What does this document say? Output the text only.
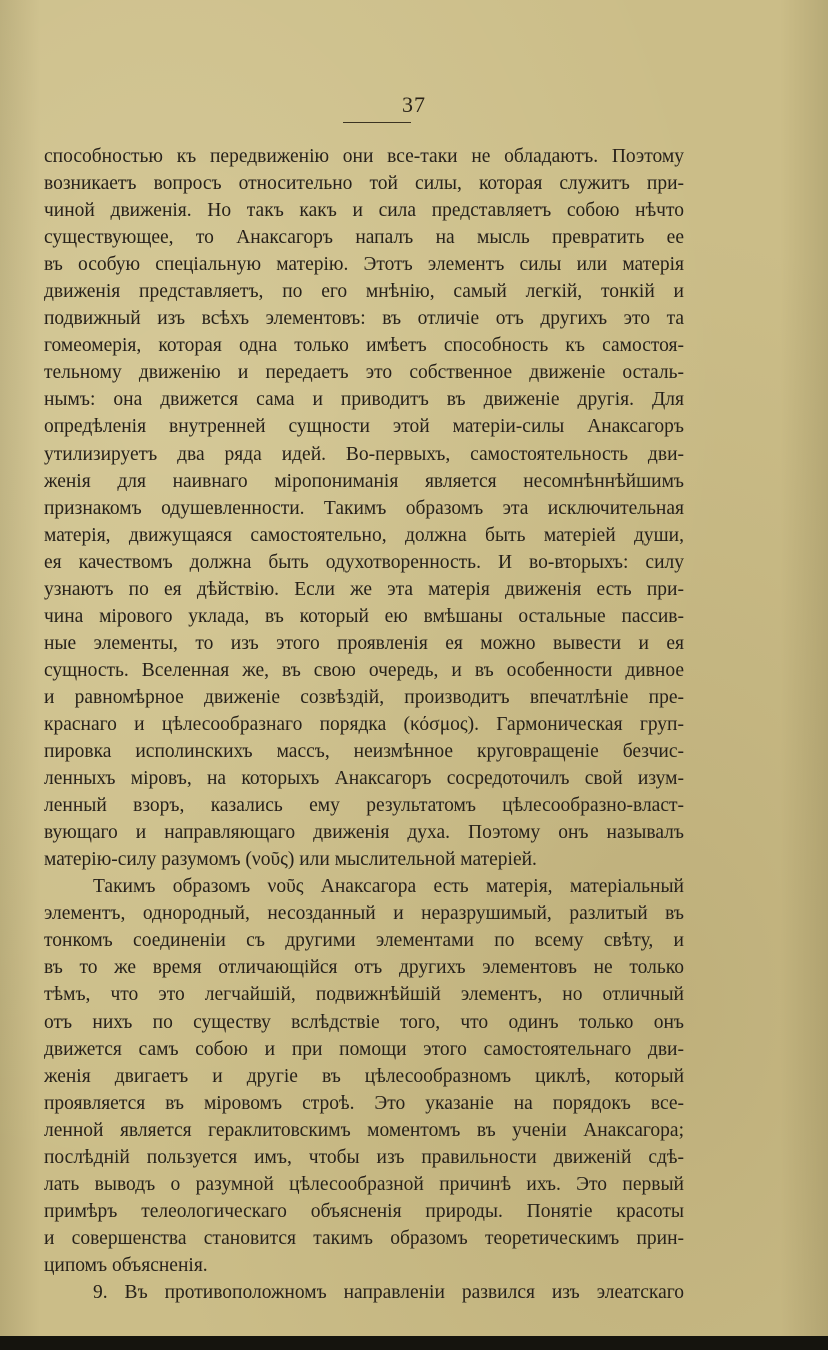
37
способностью къ передвиженію они все-таки не обладаютъ. Поэтому
возникаетъ вопросъ относительно той силы, которая служитъ при-
чиной движенія. Но такъ какъ и сила представляетъ собою нѣчто
существующее, то Анаксагоръ напалъ на мысль превратить ее
въ особую спеціальную матерію. Этотъ элементъ силы или матерія
движенія представляетъ, по его мнѣнію, самый легкій, тонкій и
подвижный изъ всѣхъ элементовъ: въ отличіе отъ другихъ это та
гомеомерія, которая одна только имѣетъ способность къ самостоя-
тельному движенію и передаетъ это собственное движеніе осталь-
нымъ: она движется сама и приводитъ въ движеніе другія. Для
опредѣленія внутренней сущности этой матеріи-силы Анаксагоръ
утилизируетъ два ряда идей. Во-первыхъ, самостоятельность дви-
женія для наивнаго міропониманія является несомнѣннѣйшимъ
признакомъ одушевленности. Такимъ образомъ эта исключительная
матерія, движущаяся самостоятельно, должна быть матеріей души,
ея качествомъ должна быть одухотворенность. И во-вторыхъ: силу
узнаютъ по ея дѣйствію. Если же эта матерія движенія есть при-
чина мірового уклада, въ который ею вмѣшаны остальные пассив-
ные элементы, то изъ этого проявленія ея можно вывести и ея
сущность. Вселенная же, въ свою очередь, и въ особенности дивное
и равномѣрное движеніе созвѣздій, производитъ впечатлѣніе пре-
краснаго и цѣлесообразнаго порядка (κόσμος). Гармоническая груп-
пировка исполинскихъ массъ, неизмѣнное круговращеніе безчис-
ленныхъ міровъ, на которыхъ Анаксагоръ сосредоточилъ свой изум-
ленный взоръ, казались ему результатомъ цѣлесообразно-власт-
вующаго и направляющаго движенія духа. Поэтому онъ называлъ
матерію-силу разумомъ (νοῦς) или мыслительной матеріей.
Такимъ образомъ νοῦς Анаксагора есть матерія, матеріальный
элементъ, однородный, несозданный и неразрушимый, разлитый въ
тонкомъ соединеніи съ другими элементами по всему свѣту, и
въ то же время отличающійся отъ другихъ элементовъ не только
тѣмъ, что это легчайшій, подвижнѣйшій элементъ, но отличный
отъ нихъ по существу вслѣдствіе того, что одинъ только онъ
движется самъ собою и при помощи этого самостоятельнаго дви-
женія двигаетъ и другіе въ цѣлесообразномъ циклѣ, который
проявляется въ міровомъ строѣ. Это указаніе на порядокъ все-
ленной является гераклитовскимъ моментомъ въ ученіи Анаксагора;
послѣдній пользуется имъ, чтобы изъ правильности движеній сдѣ-
лать выводъ о разумной цѣлесообразной причинѣ ихъ. Это первый
примѣръ телеологическаго объясненія природы. Понятіе красоты
и совершенства становится такимъ образомъ теоретическимъ прин-
ципомъ объясненія.
9. Въ противоположномъ направленіи развился изъ элеатскаго
